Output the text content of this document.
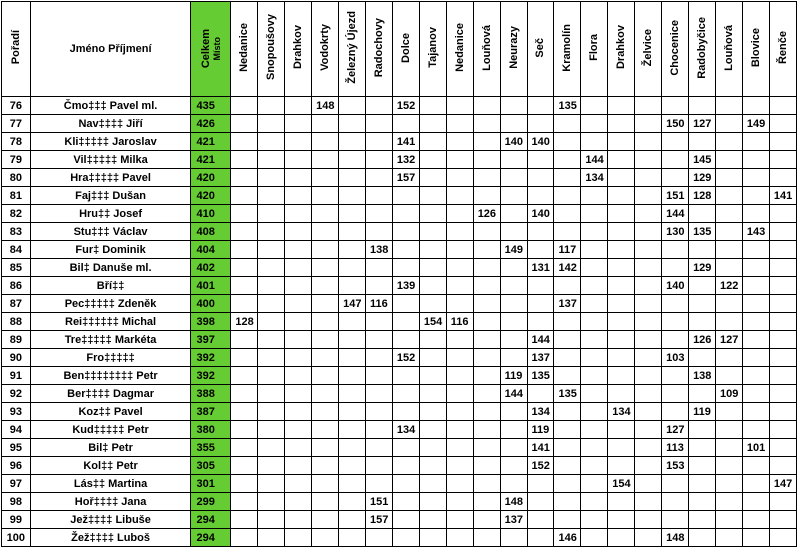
Pořadí	Jméno Příjmení	Celkem Místo	Nedanice	Snopoušovy	Drahkov	Vodokrty	Železný Újezd	Radochovy	Dolce	Tajanov	Nedanice	Louňová	Neurazy	Seč	Kramolín	Flora	Drahkov	Želvice	Chocenice	Radobyčice	Louňová	Blovice	Řenče
76	Čmo‡‡‡ Pavel ml.	435				148			152						135								
77	Nav‡‡‡‡ Jiří	426																	150	127		149	
78	Kli‡‡‡‡‡ Jaroslav	421							141				140	140									
79	Vil‡‡‡‡‡ Milka	421							132							144				145			
80	Hra‡‡‡‡‡ Pavel	420							157							134				129			
81	Faj‡‡‡ Dušan	420																	151	128			141
82	Hru‡‡ Josef	410										126		140					144				
83	Stu‡‡‡ Václav	408																	130	135		143	
84	Fur‡ Dominik	404						138					149		117								
85	Bil‡ Danuše ml.	402												131	142					129			
86	Bří‡‡	401							139										140		122		
87	Pec‡‡‡‡‡ Zdeněk	400					147	116							137								
88	Rei‡‡‡‡‡‡ Michal	398	128							154	116												
89	Tre‡‡‡‡‡ Markéta	397												144						126	127		
90	Fro‡‡‡‡‡	392							152					137					103				
91	Ben‡‡‡‡‡‡‡‡ Petr	392											119	135						138			
92	Ber‡‡‡‡ Dagmar	388											144		135						109		
93	Koz‡‡ Pavel	387												134			134			119			
94	Kud‡‡‡‡‡ Petr	380							134					119					127				
95	Bil‡ Petr	355												141					113			101	
96	Kol‡‡ Petr	305												152					153				
97	Lás‡‡ Martina	301															154						147
98	Hoř‡‡‡‡ Jana	299						151					148										
99	Jež‡‡‡‡ Libuše	294						157					137										
100	Žež‡‡‡‡ Luboš	294													146				148				
